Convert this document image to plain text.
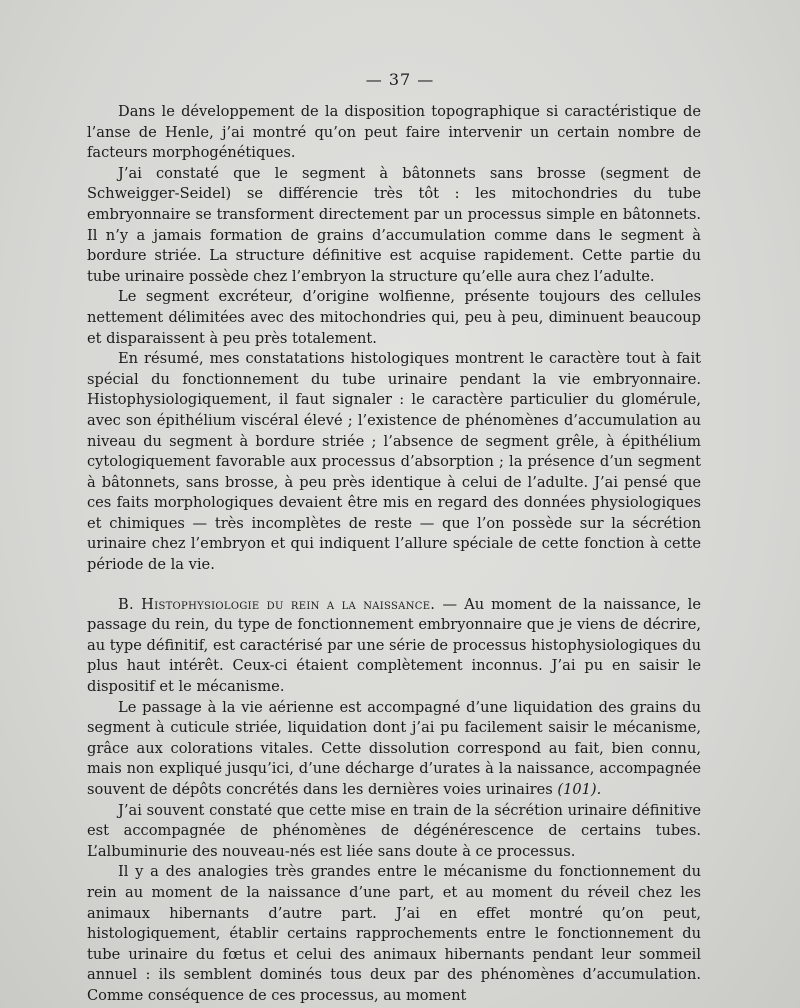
— 37 —

Dans le développement de la disposition topographique si caractéristique de l’anse de Henle, j’ai montré qu’on peut faire intervenir un certain nombre de facteurs morphogénétiques.

J’ai constaté que le segment à bâtonnets sans brosse (segment de Schweigger-Seidel) se différencie très tôt : les mitochondries du tube embryonnaire se transforment directement par un processus simple en bâtonnets. Il n’y a jamais formation de grains d’accumulation comme dans le segment à bordure striée. La structure définitive est acquise rapidement. Cette partie du tube urinaire possède chez l’embryon la structure qu’elle aura chez l’adulte.

Le segment excréteur, d’origine wolfienne, présente toujours des cellules nettement délimitées avec des mitochondries qui, peu à peu, diminuent beaucoup et disparaissent à peu près totalement.

En résumé, mes constatations histologiques montrent le caractère tout à fait spécial du fonctionnement du tube urinaire pendant la vie embryonnaire. Histophysiologiquement, il faut signaler : le caractère particulier du glomérule, avec son épithélium viscéral élevé ; l’existence de phénomènes d’accumulation au niveau du segment à bordure striée ; l’absence de segment grêle, à épithélium cytologiquement favorable aux processus d’absorption ; la présence d’un segment à bâtonnets, sans brosse, à peu près identique à celui de l’adulte. J’ai pensé que ces faits morphologiques devaient être mis en regard des données physiologiques et chimiques — très incomplètes de reste — que l’on possède sur la sécrétion urinaire chez l’embryon et qui indiquent l’allure spéciale de cette fonction à cette période de la vie.

B. Histophysiologie du rein a la naissance. — Au moment de la naissance, le passage du rein, du type de fonctionnement embryonnaire que je viens de décrire, au type définitif, est caractérisé par une série de processus histophysiologiques du plus haut intérêt. Ceux-ci étaient complètement inconnus. J’ai pu en saisir le dispositif et le mécanisme.

Le passage à la vie aérienne est accompagné d’une liquidation des grains du segment à cuticule striée, liquidation dont j’ai pu facilement saisir le mécanisme, grâce aux colorations vitales. Cette dissolution correspond au fait, bien connu, mais non expliqué jusqu’ici, d’une décharge d’urates à la naissance, accompagnée souvent de dépôts concrétés dans les dernières voies urinaires (101).

J’ai souvent constaté que cette mise en train de la sécrétion urinaire définitive est accompagnée de phénomènes de dégénérescence de certains tubes. L’albuminurie des nouveau-nés est liée sans doute à ce processus.

Il y a des analogies très grandes entre le mécanisme du fonctionnement du rein au moment de la naissance d’une part, et au moment du réveil chez les animaux hibernants d’autre part. J’ai en effet montré qu’on peut, histologiquement, établir certains rapprochements entre le fonctionnement du tube urinaire du fœtus et celui des animaux hibernants pendant leur sommeil annuel : ils semblent dominés tous deux par des phénomènes d’accumulation. Comme conséquence de ces processus, au moment
